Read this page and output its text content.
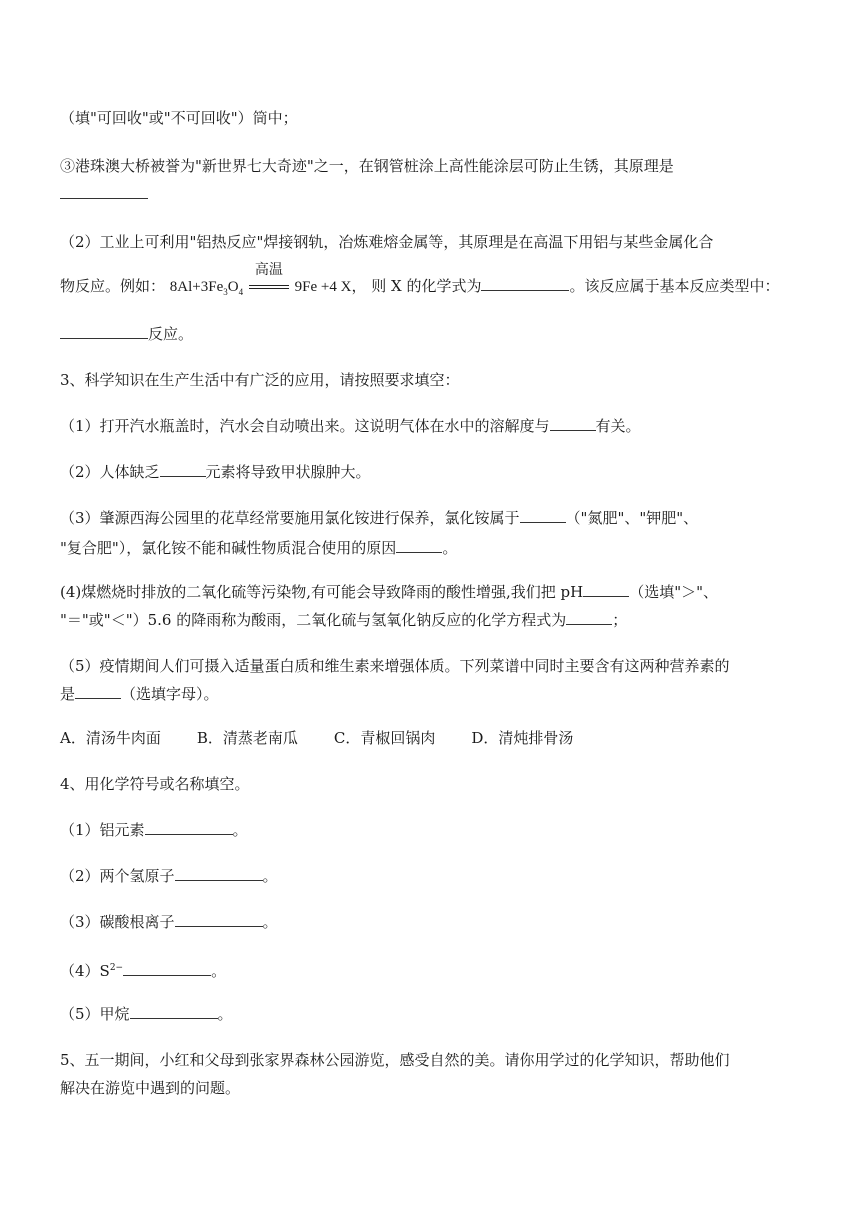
（填"可回收"或"不可回收"）筒中；
③港珠澳大桥被誉为"新世界七大奇迹"之一，在钢管桩涂上高性能涂层可防止生锈，其原理是
（2）工业上可利用"铝热反应"焊接钢轨，冶炼难熔金属等，其原理是在高温下用铝与某些金属化合
物反应。例如： $8Al+3Fe_3O_4$
高温
9Fe +4 X， 则 X 的化学式为	。该反应属于基本反应类型中：
反应。
3、科学知识在生产生活中有广泛的应用，请按照要求填空：
（1）打开汽水瓶盖时，汽水会自动喷出来。这说明气体在水中的溶解度与	有关。
（2）人体缺乏	元素将导致甲状腺肿大。
（3）肇源西海公园里的花草经常要施用氯化铵进行保养，氯化铵属于	（"氮肥"、"钾肥"、
"复合肥"），氯化铵不能和碱性物质混合使用的原因	。
(4)煤燃烧时排放的二氧化硫等污染物,有可能会导致降雨的酸性增强,我们把 pH	（选填"＞"、
"＝"或"＜"）5.6 的降雨称为酸雨，二氧化硫与氢氧化钠反应的化学方程式为	；
（5）疫情期间人们可摄入适量蛋白质和维生素来增强体质。下列菜谱中同时主要含有这两种营养素的
是	（选填字母）。
A．清汤牛肉面 B．清蒸老南瓜 C．青椒回锅肉 D．清炖排骨汤
4、用化学符号或名称填空。
（1）铝元素	。
（2）两个氢原子	。
（3）碳酸根离子	。
$(4)S^{2-}$	。
（5）甲烷	。
5、五一期间，小红和父母到张家界森林公园游览，感受自然的美。请你用学过的化学知识，帮助他们
解决在游览中遇到的问题。
